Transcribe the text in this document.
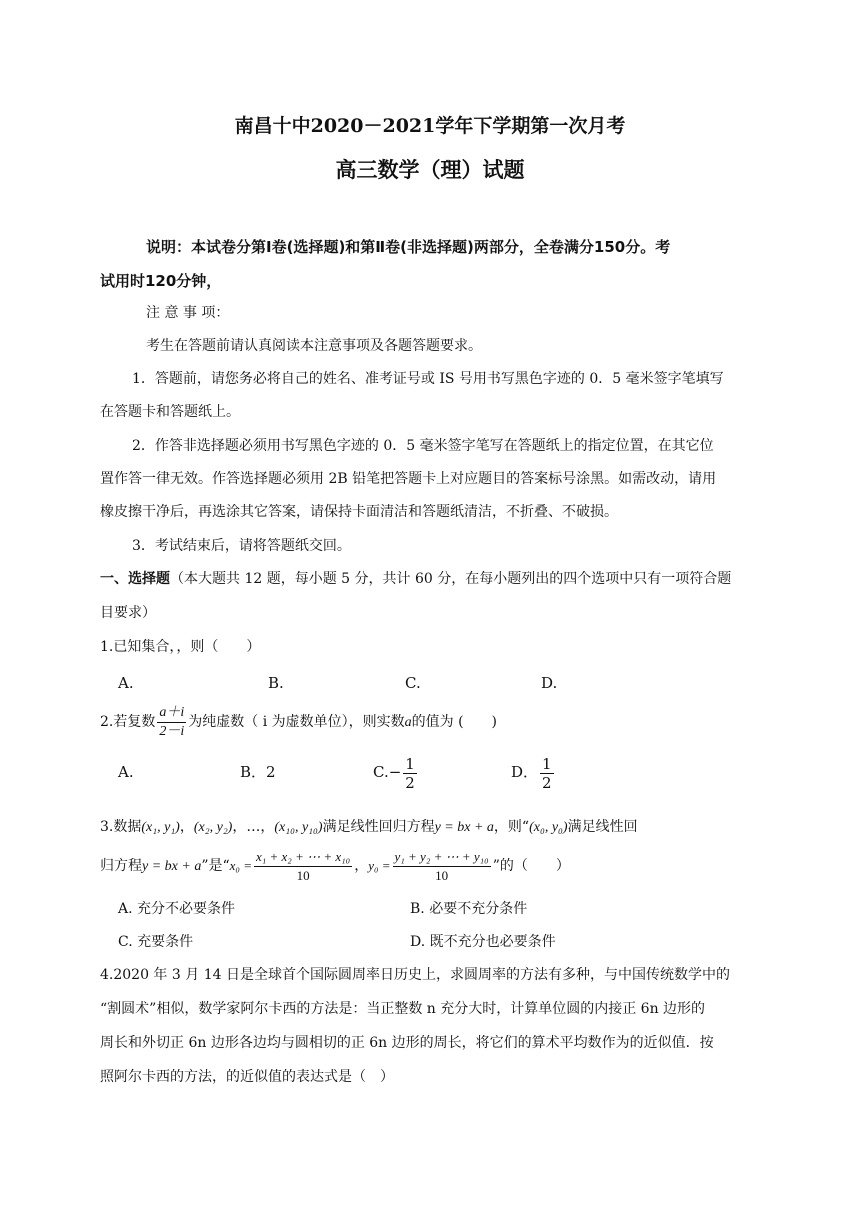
南昌十中2020－2021学年下学期第一次月考
高三数学（理）试题
说明：本试卷分第Ⅰ卷(选择题)和第Ⅱ卷(非选择题)两部分，全卷满分150分。考
试用时120分钟，
注 意 事 项：
考生在答题前请认真阅读本注意事项及各题答题要求。
1．答题前，请您务必将自己的姓名、准考证号或 IS 号用书写黑色字迹的 0．5 毫米签字笔填写
在答题卡和答题纸上。
2．作答非选择题必须用书写黑色字迹的 0．5 毫米签字笔写在答题纸上的指定位置，在其它位
置作答一律无效。作答选择题必须用 2B 铅笔把答题卡上对应题目的答案标号涂黑。如需改动，请用
橡皮擦干净后，再选涂其它答案，请保持卡面清洁和答题纸清洁，不折叠、不破损。
3．考试结束后，请将答题纸交回。
一、选择题（本大题共 12 题，每小题 5 分，共计 60 分，在每小题列出的四个选项中只有一项符合题
目要求）
1.已知集合，，则（　　）
A.	B.	C.	D.
2.若复数 $\frac{a+i}{2-i}$ 为纯虚数（ i 为虚数单位），则实数a的值为 (　　)
A.	B．2	$C.- \frac{1}{2}$	D． $\frac{1}{2}$
3.数据(x₁, y₁)，(x₂, y₂)，…，(x₁₀, y₁₀)满足线性回归方程y = bx + a，则“(x₀, y₀)满足线性回
归方程y = bx + a”是“$x_0 = \frac{\text{x₁ + x₂ + ⋯ + x₁₀}}{10}$ ，$y_0 = \frac{\text{y₁ + y₂ + ⋯ + y₁₀}}{10}$ ”的（　　）
A. 充分不必要条件	B. 必要不充分条件
C. 充要条件	D. 既不充分也必要条件
4.2020 年 3 月 14 日是全球首个国际圆周率日历史上，求圆周率的方法有多种，与中国传统数学中的
“割圆术”相似，数学家阿尔卡西的方法是：当正整数 n 充分大时，计算单位圆的内接正 6n 边形的
周长和外切正 6n 边形各边均与圆相切的正 6n 边形的周长，将它们的算术平均数作为的近似值．按
照阿尔卡西的方法，的近似值的表达式是（　）
